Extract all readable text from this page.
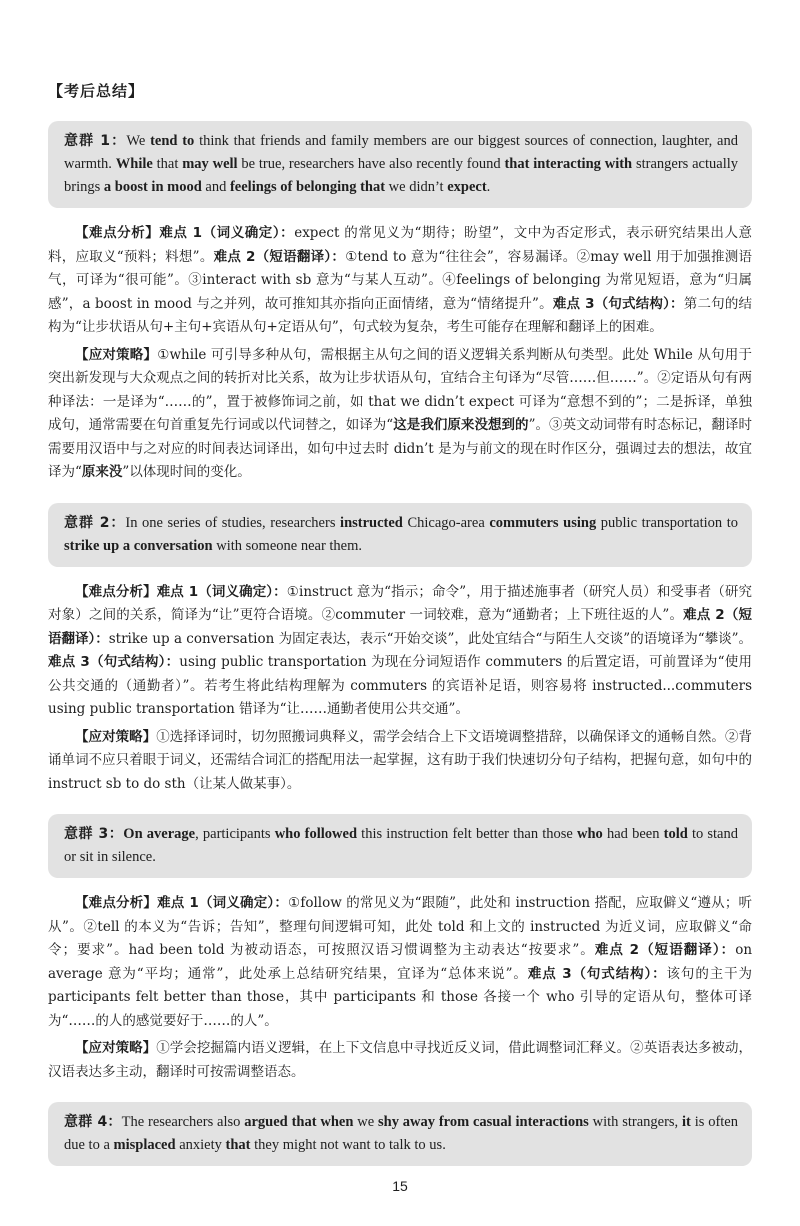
【考后总结】
意群 1：We tend to think that friends and family members are our biggest sources of connection, laughter, and warmth. While that may well be true, researchers have also recently found that interacting with strangers actually brings a boost in mood and feelings of belonging that we didn’t expect.

【难点分析】难点 1（词义确定）：expect 的常见义为“期待；盼望”，文中为否定形式，表示研究结果出人意料，应取义“预料；料想”。难点 2（短语翻译）：①tend to 意为“往往会”，容易漏译。②may well 用于加强推测语气，可译为“很可能”。③interact with sb 意为“与某人互动”。④feelings of belonging 为常见短语，意为“归属感”，a boost in mood 与之并列，故可推知其亦指向正面情绪，意为“情绪提升”。难点 3（句式结构）：第二句的结构为“让步状语从句+主句+宾语从句+定语从句”，句式较为复杂，考生可能存在理解和翻译上的困难。

【应对策略】①while 可引导多种从句，需根据主从句之间的语义逻辑关系判断从句类型。此处 While 从句用于突出新发现与大众观点之间的转折对比关系，故为让步状语从句，宜结合主句译为“尽管……但……”。②定语从句有两种译法：一是译为“……的”，置于被修饰词之前，如 that we didn’t expect 可译为“意想不到的”；二是拆译，单独成句，通常需要在句首重复先行词或以代词替之，如译为“这是我们原来没想到的”。③英文动词带有时态标记，翻译时需要用汉语中与之对应的时间表达词译出，如句中过去时 didn’t 是为与前文的现在时作区分，强调过去的想法，故宜译为“原来没”以体现时间的变化。

意群 2：In one series of studies, researchers instructed Chicago-area commuters using public transportation to strike up a conversation with someone near them.

【难点分析】难点 1（词义确定）：①instruct 意为“指示；命令”，用于描述施事者（研究人员）和受事者（研究对象）之间的关系，简译为“让”更符合语境。②commuter 一词较难，意为“通勤者；上下班往返的人”。难点 2（短语翻译）：strike up a conversation 为固定表达，表示“开始交谈”，此处宜结合“与陌生人交谈”的语境译为“攀谈”。难点 3（句式结构）：using public transportation 为现在分词短语作 commuters 的后置定语，可前置译为“使用公共交通的（通勤者）”。若考生将此结构理解为 commuters 的宾语补足语，则容易将 instructed...commuters using public transportation 错译为“让……通勤者使用公共交通”。

【应对策略】①选择译词时，切勿照搬词典释义，需学会结合上下文语境调整措辞，以确保译文的通畅自然。②背诵单词不应只着眼于词义，还需结合词汇的搭配用法一起掌握，这有助于我们快速切分句子结构，把握句意，如句中的 instruct sb to do sth（让某人做某事）。

意群 3：On average, participants who followed this instruction felt better than those who had been told to stand or sit in silence.

【难点分析】难点 1（词义确定）：①follow 的常见义为“跟随”，此处和 instruction 搭配，应取僻义“遵从；听从”。②tell 的本义为“告诉；告知”，整理句间逻辑可知，此处 told 和上文的 instructed 为近义词，应取僻义“命令；要求”。had been told 为被动语态，可按照汉语习惯调整为主动表达“按要求”。难点 2（短语翻译）：on average 意为“平均；通常”，此处承上总结研究结果，宜译为“总体来说”。难点 3（句式结构）：该句的主干为 participants felt better than those，其中 participants 和 those 各接一个 who 引导的定语从句，整体可译为“……的人的感觉要好于……的人”。

【应对策略】①学会挖掘篇内语义逻辑，在上下文信息中寻找近反义词，借此调整词汇释义。②英语表达多被动，汉语表达多主动，翻译时可按需调整语态。

意群 4：The researchers also argued that when we shy away from casual interactions with strangers, it is often due to a misplaced anxiety that they might not want to talk to us.
15
